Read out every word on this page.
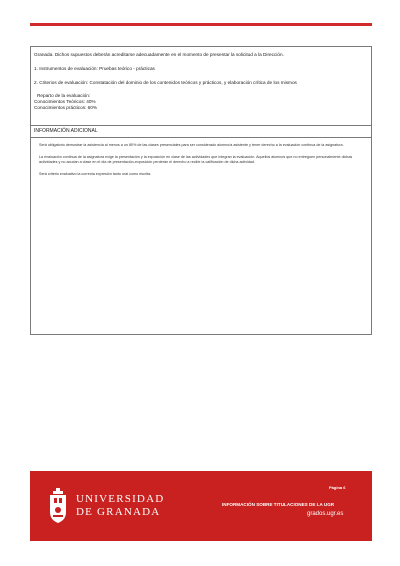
Granada. Dichos supuestos deberán acreditarse adecuadamente en el momento de presentar la solicitud a la Dirección.

1. Instrumentos de evaluación: Pruebas teórico - prácticas

2. Criterios de evaluación: Constatación del dominio de los contenidos teóricos y prácticos, y elaboración crítica de los mismos

Reparto de la evaluación:

Conocimientos Teóricos: 40%

Conocimientos prácticos: 60%

INFORMACIÓN ADICIONAL

Será obligatorio demostrar la asistencia al menos a un 80% de las clases presenciales para ser considerado alumno/a asistente y tener derecho a la evaluación continua de la asignatura.

La evaluación continua de la asignatura exige la presentación y la exposición en clase de las actividades que integran la evaluación. Aquellos alumnos que no entreguen personalmente dichas actividades y no acudan a clase en el día de presentación-exposición perderán el derecho a recibir la calificación de dicha actividad.

Será criterio evaluativo la correcta expresión tanto oral como escrita.

UNIVERSIDAD
DE GRANADA
Página 6
INFORMACIÓN SOBRE TITULACIONES DE LA UGR
grados.ugr.es
